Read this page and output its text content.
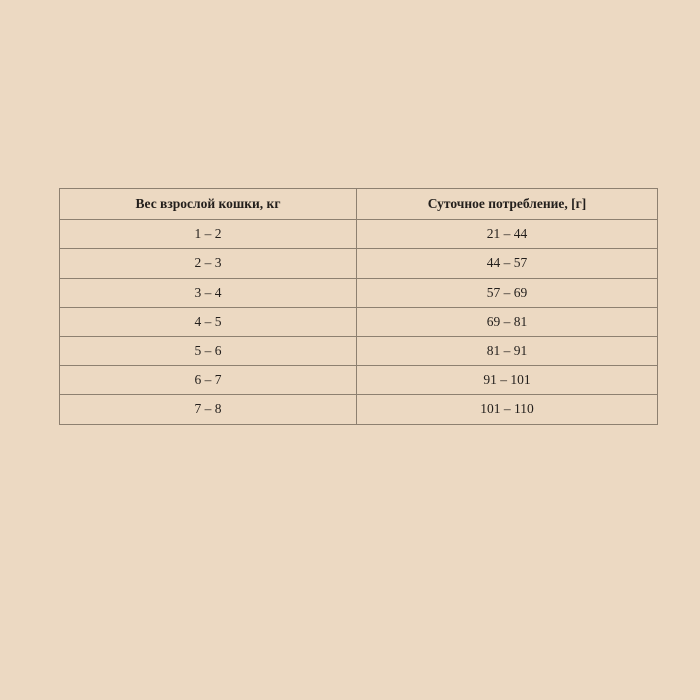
Вес взрослой кошки, кг	Суточное потребление, [г]
1 – 2	21 – 44
2 – 3	44 – 57
3 – 4	57 – 69
4 – 5	69 – 81
5 – 6	81 – 91
6 – 7	91 – 101
7 – 8	101 – 110
